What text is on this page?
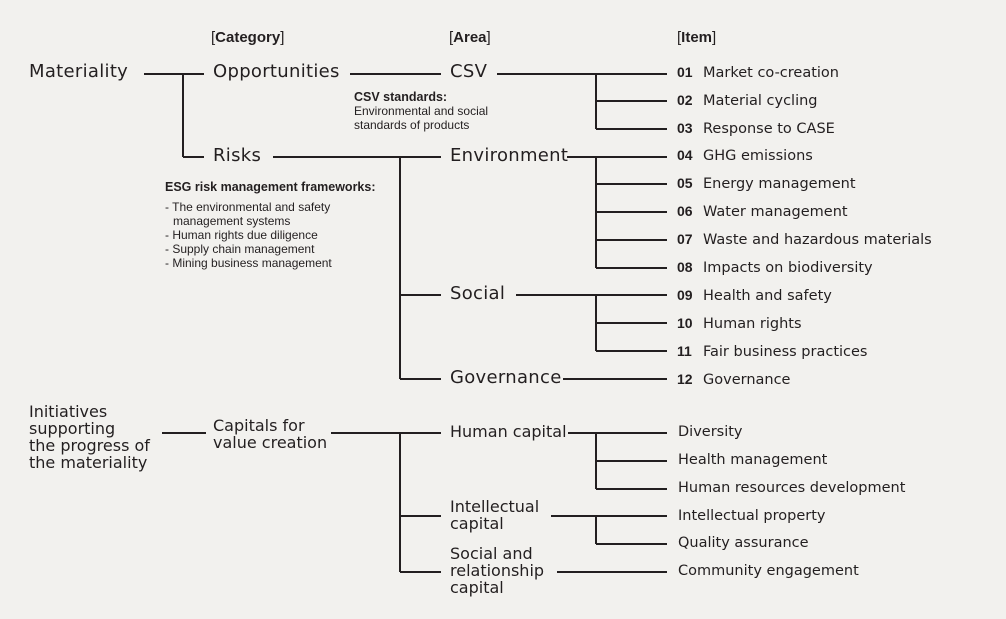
[Category]	[Area]	[Item]
Materiality	Opportunities
Risks
CSV
Environment
Social
Governance
CSV standards:
Environmental and social
standards of products
ESG risk management frameworks:
- The environmental and safety
management systems
- Human rights due diligence
- Supply chain management
- Mining business management
01 Market co-creation
02 Material cycling
03 Response to CASE
04 GHG emissions
05 Energy management
06 Water management
07 Waste and hazardous materials
08 Impacts on biodiversity
09 Health and safety
10 Human rights
11 Fair business practices
12 Governance
Initiatives
supporting
the progress of
the materiality
Capitals for
value creation
Human capital
Intellectual
capital
Social and
relationship
capital
Diversity
Health management
Human resources development
Intellectual property
Quality assurance
Community engagement
